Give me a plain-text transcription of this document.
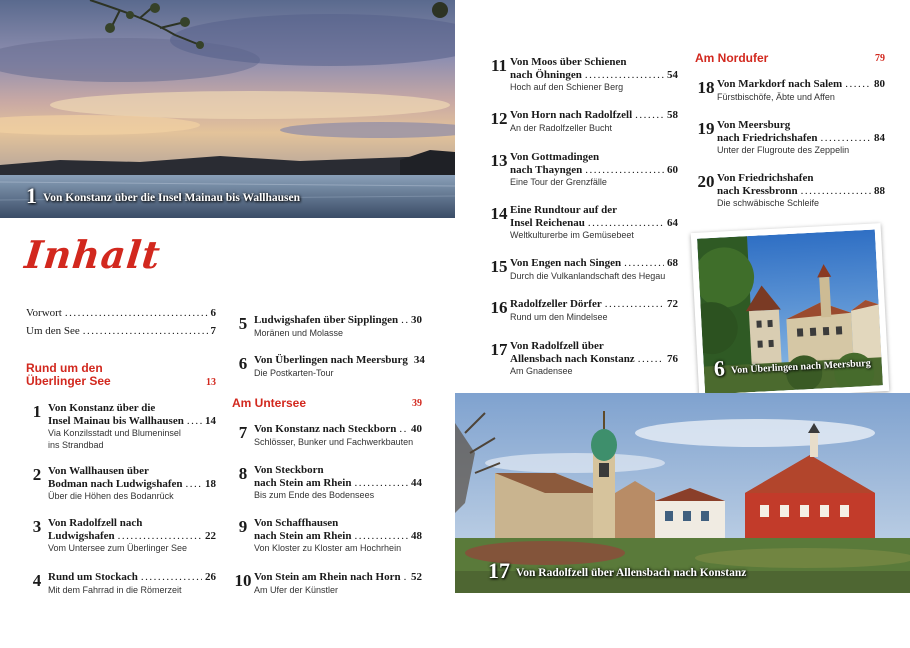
1 Von Konstanz über die Insel Mainau bis Wallhausen
Inhalt
Vorwort .....	6
Um den See .....	7
Rund um den
Überlinger See	13
1 Von Konstanz über die
Insel Mainau bis Wallhausen ..... 14
Via Konzilsstadt und Blumeninsel
ins Strandbad
2 Von Wallhausen über
Bodman nach Ludwigshafen ..... 18
Über die Höhen des Bodanrück
3 Von Radolfzell nach
Ludwigshafen .....	22
Vom Untersee zum Überlinger See
4 Rund um Stockach .....	26
Mit dem Fahrrad in die Römerzeit
5 Ludwigshafen über Sipplingen ..... 30
Moränen und Molasse
6 Von Überlingen nach Meersburg 34
Die Postkarten-Tour
Am Untersee	39
7 Von Konstanz nach Steckborn ..... 40
Schlösser, Bunker und Fachwerkbauten
8 Von Steckborn
nach Stein am Rhein .....	44
Bis zum Ende des Bodensees
9 Von Schaffhausen
nach Stein am Rhein .....	48
Von Kloster zu Kloster am Hochrhein
10 Von Stein am Rhein nach Horn ..... 52
Am Ufer der Künstler
11 Von Moos über Schienen
nach Öhningen .....	54
Hoch auf den Schiener Berg
12 Von Horn nach Radolfzell .....	58
An der Radolfzeller Bucht
13 Von Gottmadingen
nach Thayngen .....	60
Eine Tour der Grenzfälle
14 Eine Rundtour auf der
Insel Reichenau .....	64
Weltkulturerbe im Gemüsebeet
15 Von Engen nach Singen .....	68
Durch die Vulkanlandschaft des Hegau
16 Radolfzeller Dörfer .....	72
Rund um den Mindelsee
17 Von Radolfzell über
Allensbach nach Konstanz .....	76
Am Gnadensee
Am Nordufer	79
18 Von Markdorf nach Salem .....	80
Fürstbischöfe, Äbte und Affen
19 Von Meersburg
nach Friedrichshafen .....	84
Unter der Flugroute des Zeppelin
20 Von Friedrichshafen
nach Kressbronn .....	88
Die schwäbische Schleife
6 Von Überlingen nach Meersburg
17 Von Radolfzell über Allensbach nach Konstanz
